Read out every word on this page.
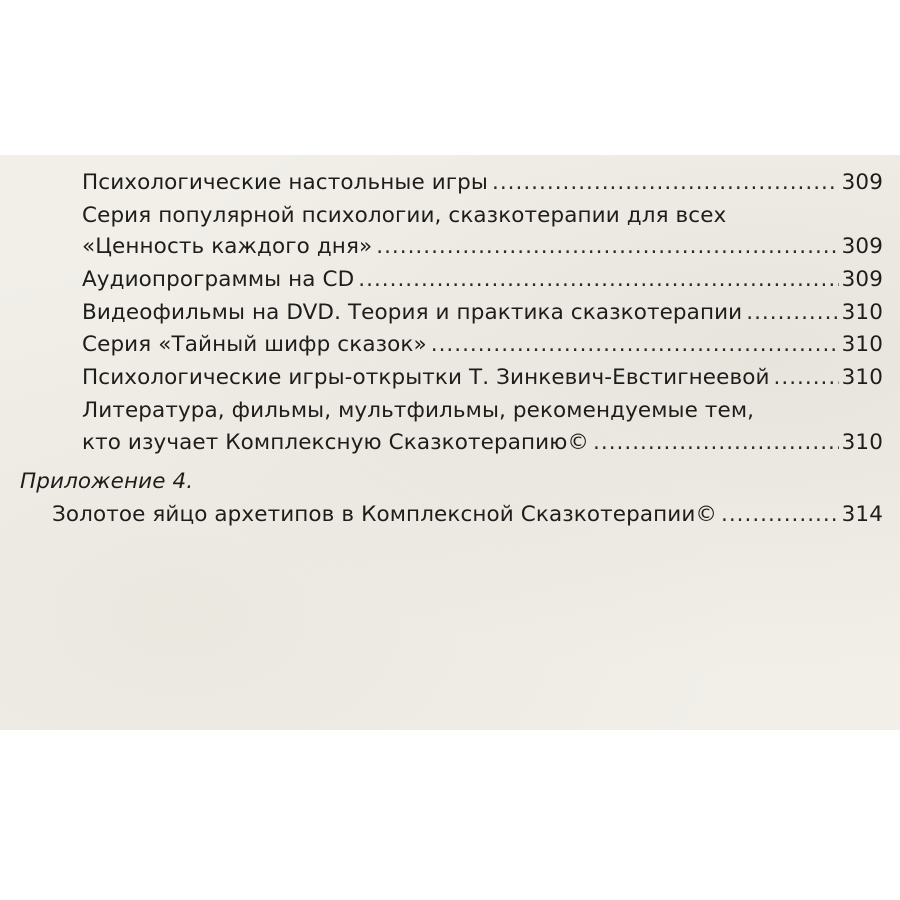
Психологические настольные игры .....	309
Серия популярной психологии, сказкотерапии для всех
«Ценность каждого дня» .....	309
Аудиопрограммы на CD .....	309
Видеофильмы на DVD. Теория и практика сказкотерапии .....	310
Серия «Тайный шифр сказок» .....	310
Психологические игры-открытки Т. Зинкевич-Евстигнеевой .....	310
Литература, фильмы, мультфильмы, рекомендуемые тем,
кто изучает Комплексную Сказкотерапию© .....	310
Приложение 4.
Золотое яйцо архетипов в Комплексной Сказкотерапии© .....	314
